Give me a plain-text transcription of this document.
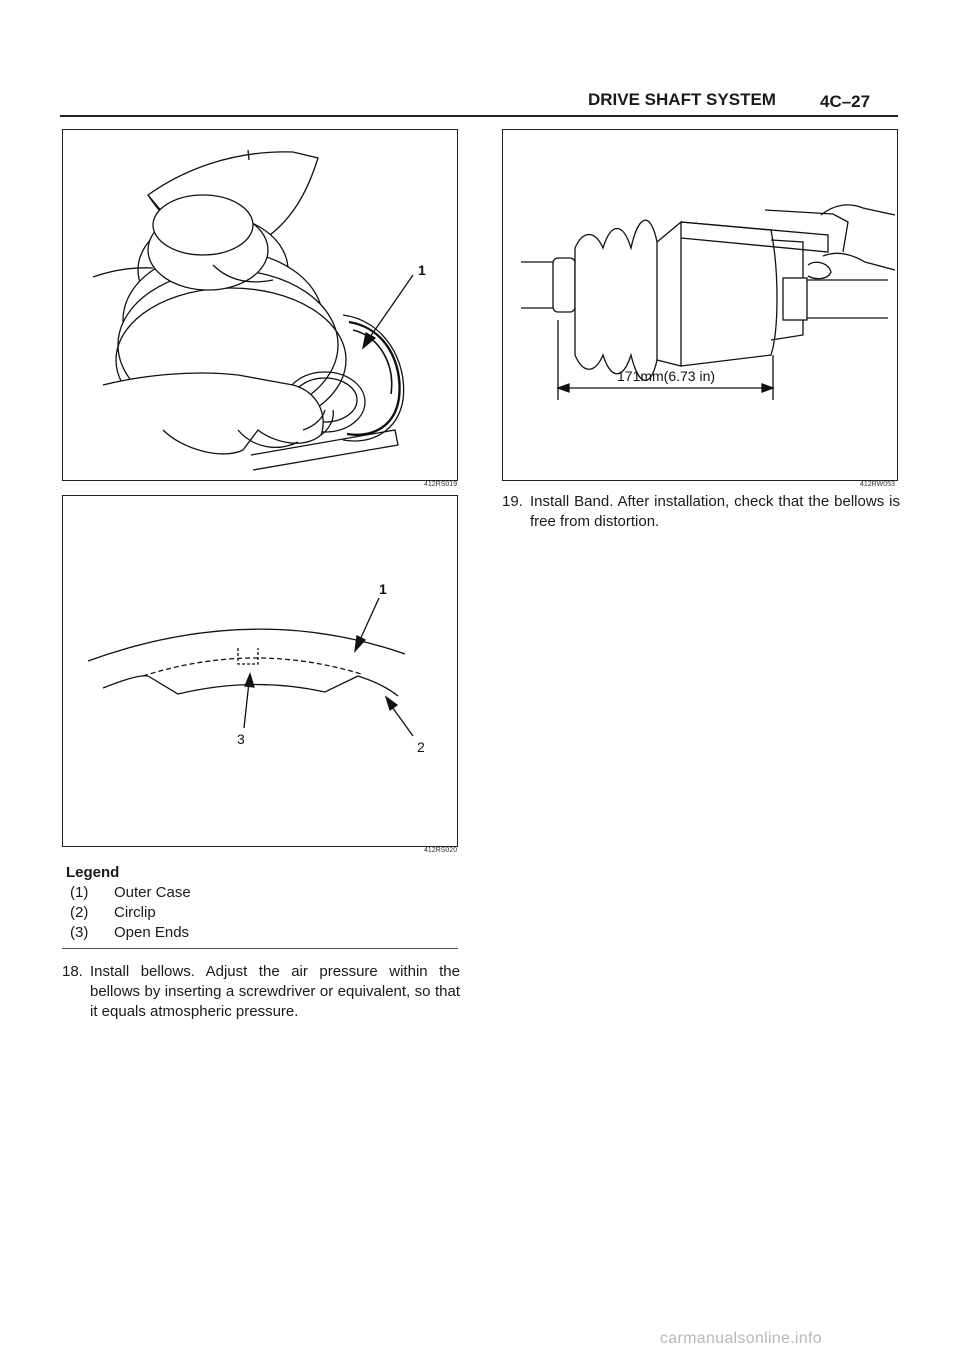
DRIVE SHAFT SYSTEM	4C–27
1
412RS019
1
2
3
412RS020
Legend
(1) Outer Case
(2) Circlip
(3) Open Ends
18. Install bellows. Adjust the air pressure within the bellows by inserting a screwdriver or equivalent, so that it equals atmospheric pressure.
171mm(6.73 in)
412RW053
19. Install Band. After installation, check that the bellows is free from distortion.
carmanualsonline.info
